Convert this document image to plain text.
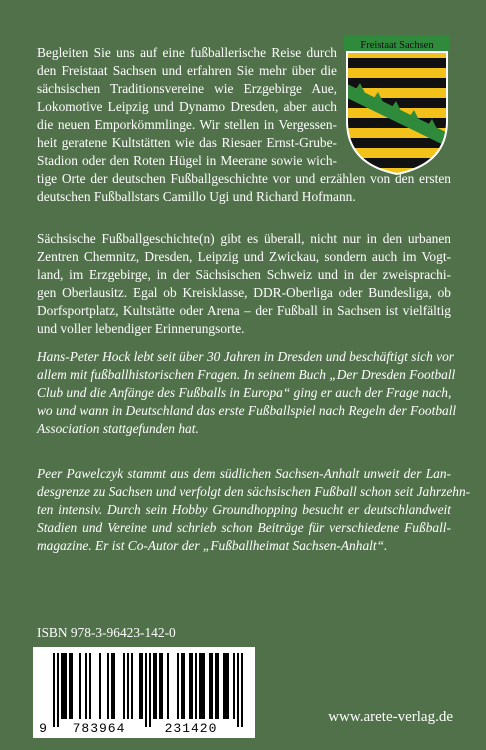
Freistaat Sachsen
Begleiten Sie uns auf eine fußballerische Reise durch
den Freistaat Sachsen und erfahren Sie mehr über die
sächsischen Traditionsvereine wie Erzgebirge Aue,
Lokomotive Leipzig und Dynamo Dresden, aber auch
die neuen Emporkömmlinge. Wir stellen in Vergessen-
heit geratene Kultstätten wie das Riesaer Ernst-Grube-
Stadion oder den Roten Hügel in Meerane sowie wich-
tige Orte der deutschen Fußballgeschichte vor und erzählen von den ersten
deutschen Fußballstars Camillo Ugi und Richard Hofmann.
Sächsische Fußballgeschichte(n) gibt es überall, nicht nur in den urbanen
Zentren Chemnitz, Dresden, Leipzig und Zwickau, sondern auch im Vogt-
land, im Erzgebirge, in der Sächsischen Schweiz und in der zweisprachi-
gen Oberlausitz. Egal ob Kreisklasse, DDR-Oberliga oder Bundesliga, ob
Dorfsportplatz, Kultstätte oder Arena – der Fußball in Sachsen ist vielfältig
und voller lebendiger Erinnerungsorte.
Hans-Peter Hock lebt seit über 30 Jahren in Dresden und beschäftigt sich vor
allem mit fußballhistorischen Fragen. In seinem Buch „Der Dresden Football
Club und die Anfänge des Fußballs in Europa“ ging er auch der Frage nach,
wo und wann in Deutschland das erste Fußballspiel nach Regeln der Football
Association stattgefunden hat.
Peer Pawelczyk stammt aus dem südlichen Sachsen-Anhalt unweit der Lan-
desgrenze zu Sachsen und verfolgt den sächsischen Fußball schon seit Jahrzehn-
ten intensiv. Durch sein Hobby Groundhopping besucht er deutschlandweit
Stadien und Vereine und schrieb schon Beiträge für verschiedene Fußball-
magazine. Er ist Co-Autor der „Fußballheimat Sachsen-Anhalt“.
ISBN 978-3-96423-142-0
9 783964	231420
www.arete-verlag.de
